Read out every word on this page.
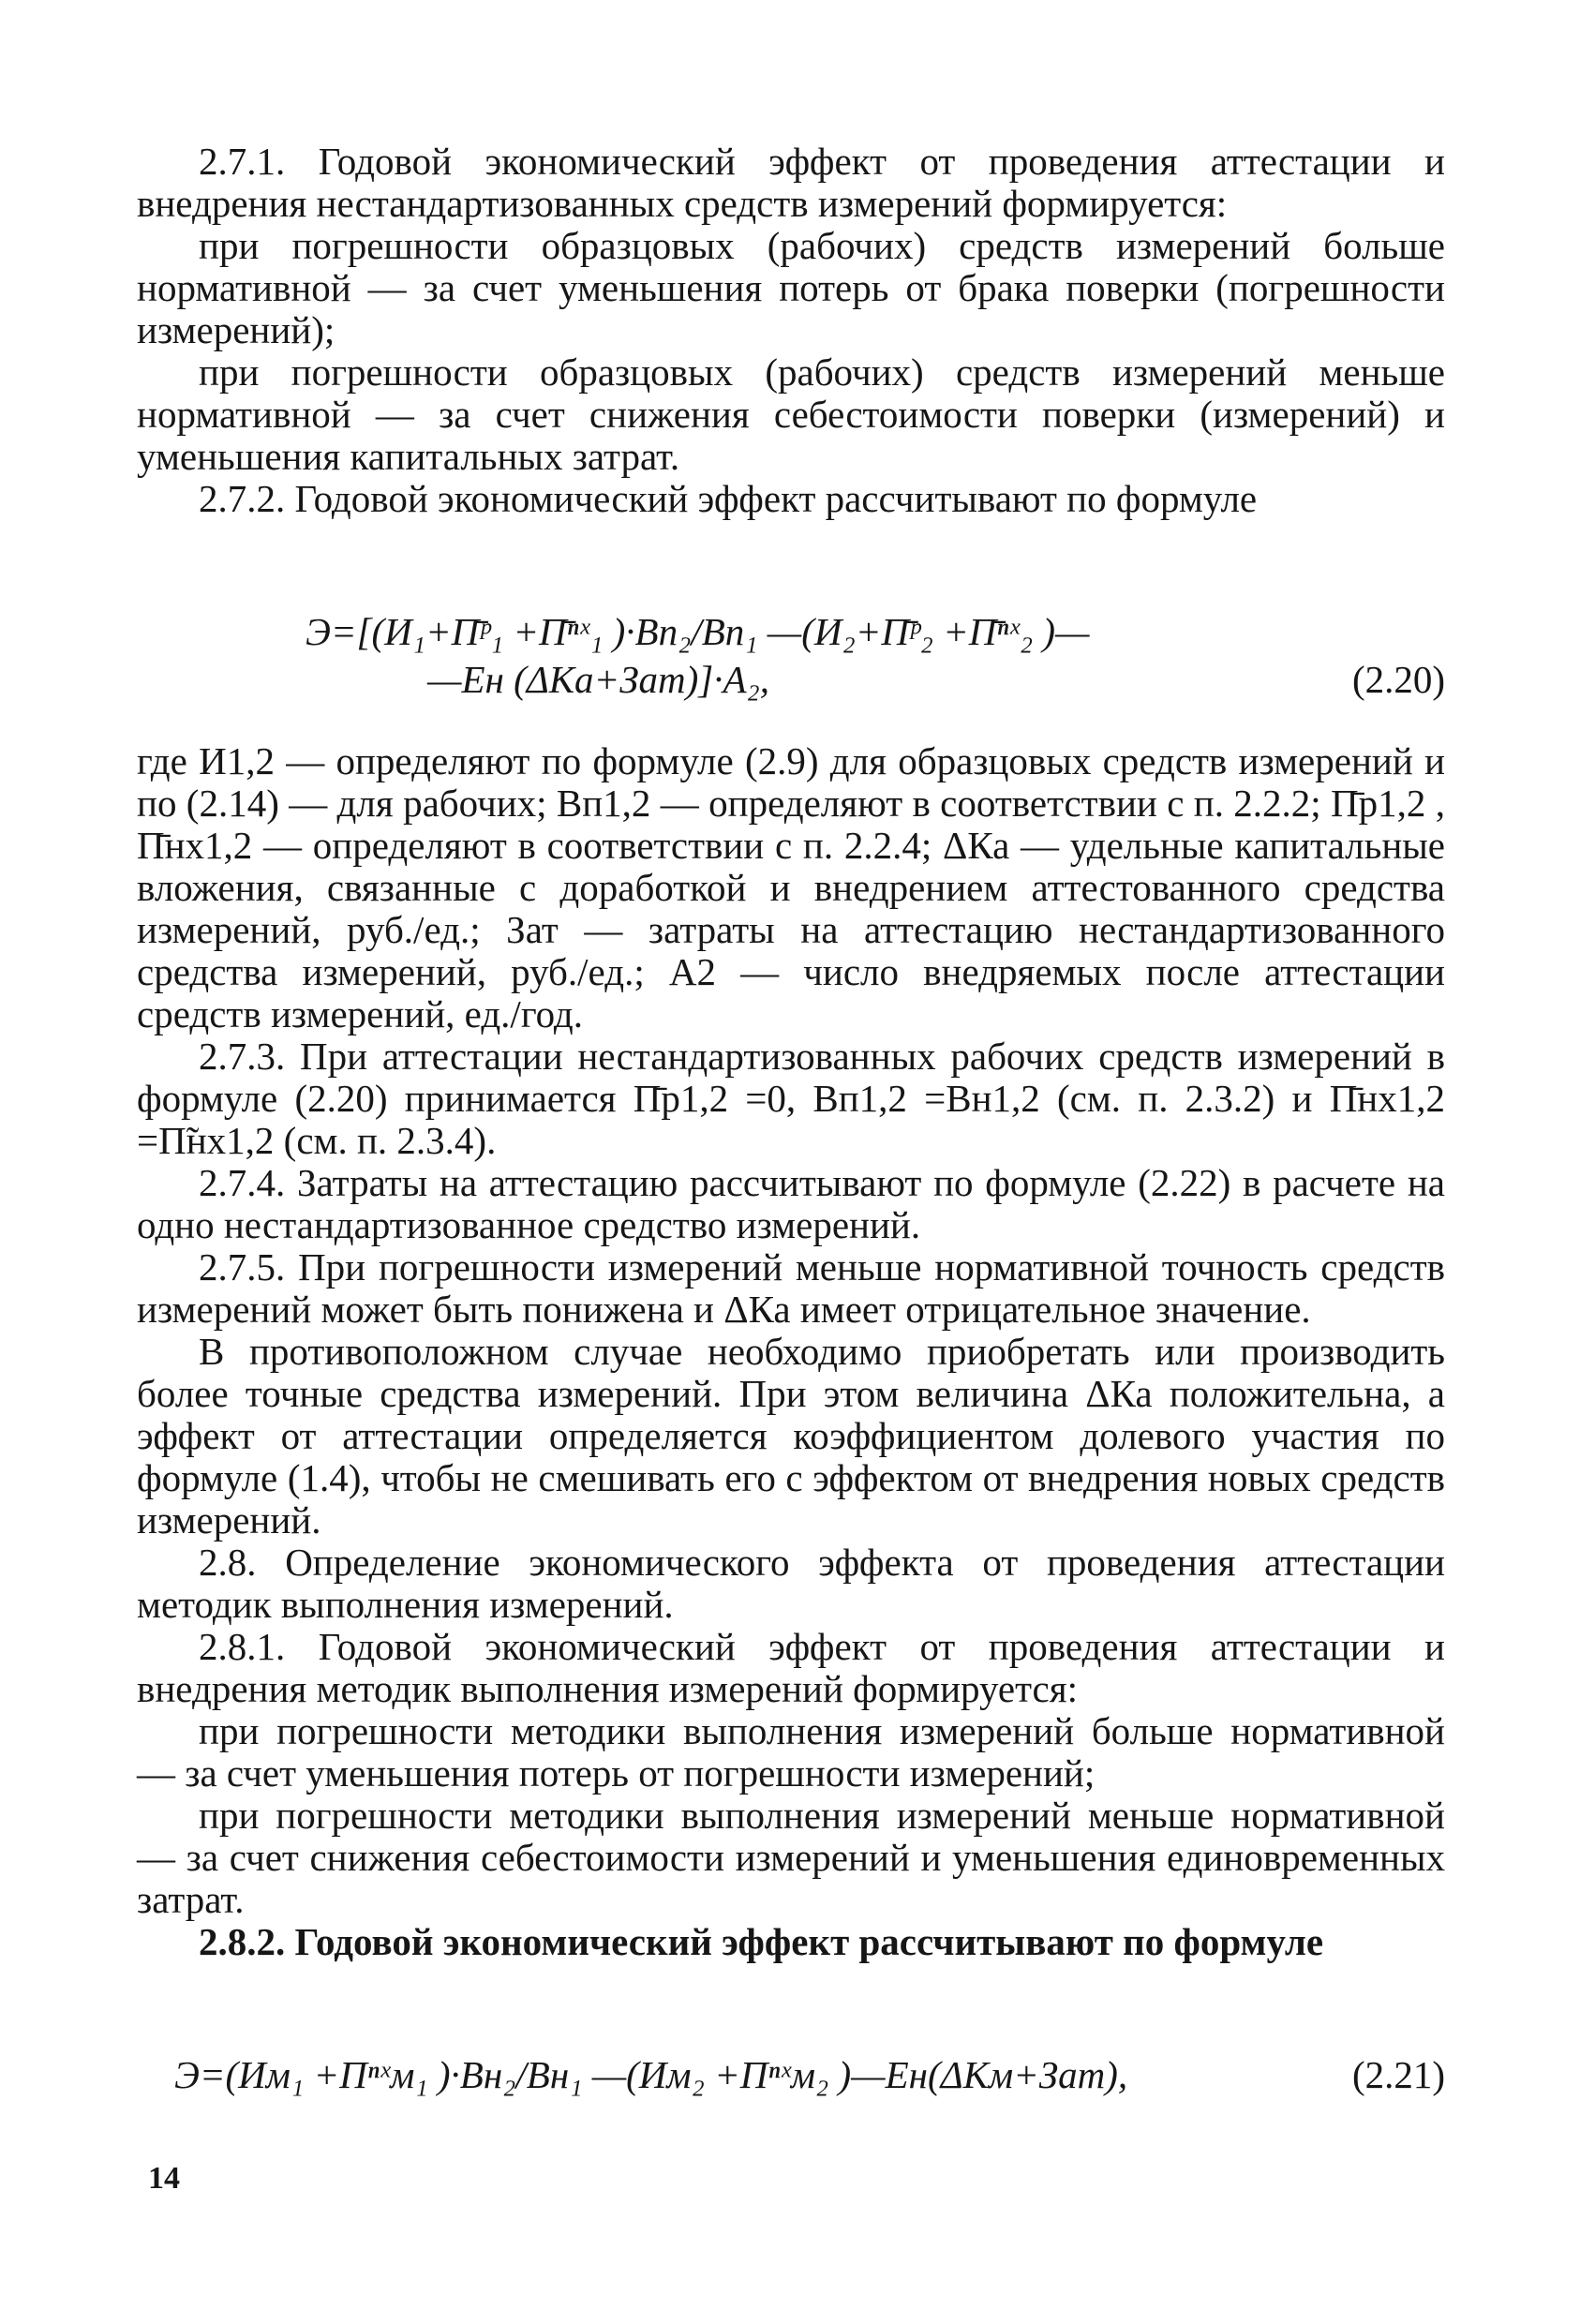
2.7.1. Годовой экономический эффект от проведения аттестации и внедрения нестандартизованных средств измерений формируется:

при погрешности образцовых (рабочих) средств измерений больше нормативной — за счет уменьшения потерь от брака поверки (погрешности измерений);

при погрешности образцовых (рабочих) средств измерений меньше нормативной — за счет снижения себестоимости поверки (измерений) и уменьшения капитальных затрат.

2.7.2. Годовой экономический эффект рассчитывают по формуле

Э=[(И₁+П̄ᵖ₁ +П̄ⁿˣ₁ )·Вп₂/Вп₁ —(И₂+П̄ᵖ₂ +П̄ⁿˣ₂ )—
—Ен (ΔКа+Зат)]·А₂,	(2.20)

где И1,2 — определяют по формуле (2.9) для образцовых средств измерений и по (2.14) — для рабочих; Вп1,2 — определяют в соответствии с п. 2.2.2; П̄р1,2 , П̄нх1,2 — определяют в соответствии с п. 2.2.4; ΔКа — удельные капитальные вложения, связанные с доработкой и внедрением аттестованного средства измерений, руб./ед.; Зат — затраты на аттестацию нестандартизованного средства измерений, руб./ед.; А2 — число внедряемых после аттестации средств измерений, ед./год.

2.7.3. При аттестации нестандартизованных рабочих средств измерений в формуле (2.20) принимается П̄р1,2 =0, Вп1,2 =Вн1,2 (см. п. 2.3.2) и П̄нх1,2 =П̃нх1,2 (см. п. 2.3.4).

2.7.4. Затраты на аттестацию рассчитывают по формуле (2.22) в расчете на одно нестандартизованное средство измерений.

2.7.5. При погрешности измерений меньше нормативной точность средств измерений может быть понижена и ΔКа имеет отрицательное значение.

В противоположном случае необходимо приобретать или производить более точные средства измерений. При этом величина ΔКа положительна, а эффект от аттестации определяется коэффициентом долевого участия по формуле (1.4), чтобы не смешивать его с эффектом от внедрения новых средств измерений.

2.8. Определение экономического эффекта от проведения аттестации методик выполнения измерений.

2.8.1. Годовой экономический эффект от проведения аттестации и внедрения методик выполнения измерений формируется:

при погрешности методики выполнения измерений больше нормативной — за счет уменьшения потерь от погрешности измерений;

при погрешности методики выполнения измерений меньше нормативной — за счет снижения себестоимости измерений и уменьшения единовременных затрат.

2.8.2. Годовой экономический эффект рассчитывают по формуле

Э=(Им₁ +Пⁿˣм₁ )·Вн₂/Вн₁ —(Им₂ +Пⁿˣм₂ )—Ен(ΔКм+Зат),	(2.21)
14
